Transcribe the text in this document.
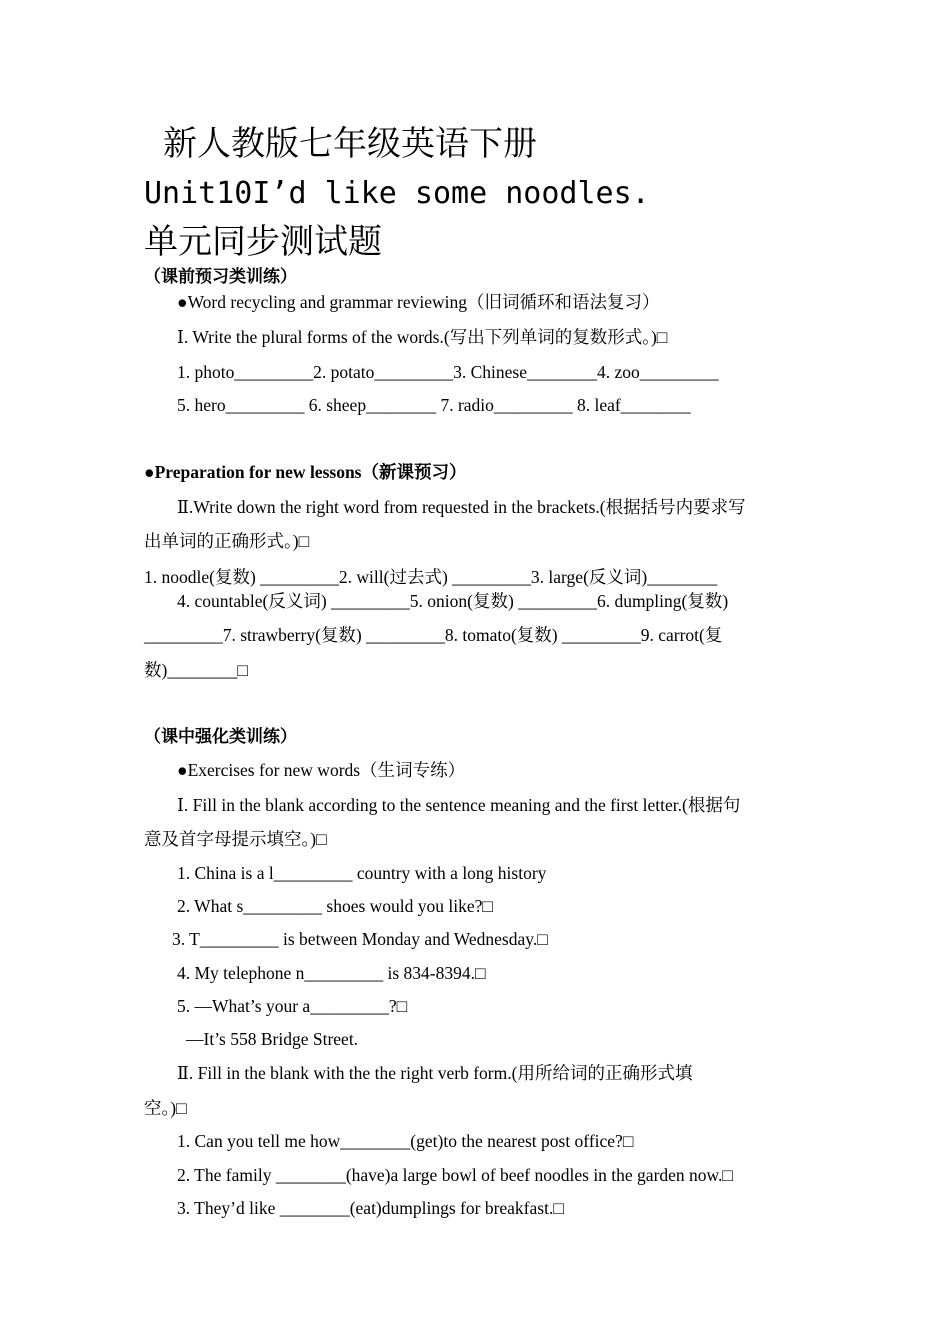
新人教版七年级英语下册
Unit10I’d like some noodles.
单元同步测试题
（课前预习类训练）
●Word recycling and grammar reviewing（旧词循环和语法复习）
Ⅰ. Write the plural forms of the words.(写出下列单词的复数形式。)□
1. photo_________2. potato_________3. Chinese________4. zoo_________
5. hero_________ 6. sheep________ 7. radio_________ 8. leaf________
●Preparation for new lessons（新课预习）
Ⅱ.Write down the right word from requested in the brackets.(根据括号内要求写
出单词的正确形式。)□
1. noodle(复数) _________2. will(过去式) _________3. large(反义词)________
4. countable(反义词) _________5. onion(复数) _________6. dumpling(复数)
_________7. strawberry(复数) _________8. tomato(复数) _________9. carrot(复
数)________□
（课中强化类训练）
●Exercises for new words（生词专练）
Ⅰ. Fill in the blank according to the sentence meaning and the first letter.(根据句
意及首字母提示填空。)□
1. China is a l_________ country with a long history
2. What s_________ shoes would you like?□
3. T_________ is between Monday and Wednesday.□
4. My telephone n_________ is 834-8394.□
5. —What’s your a_________?□
—It’s 558 Bridge Street.
Ⅱ. Fill in the blank with the the right verb form.(用所给词的正确形式填
空。)□
1. Can you tell me how________(get)to the nearest post office?□
2. The family ________(have)a large bowl of beef noodles in the garden now.□
3. They’d like ________(eat)dumplings for breakfast.□
